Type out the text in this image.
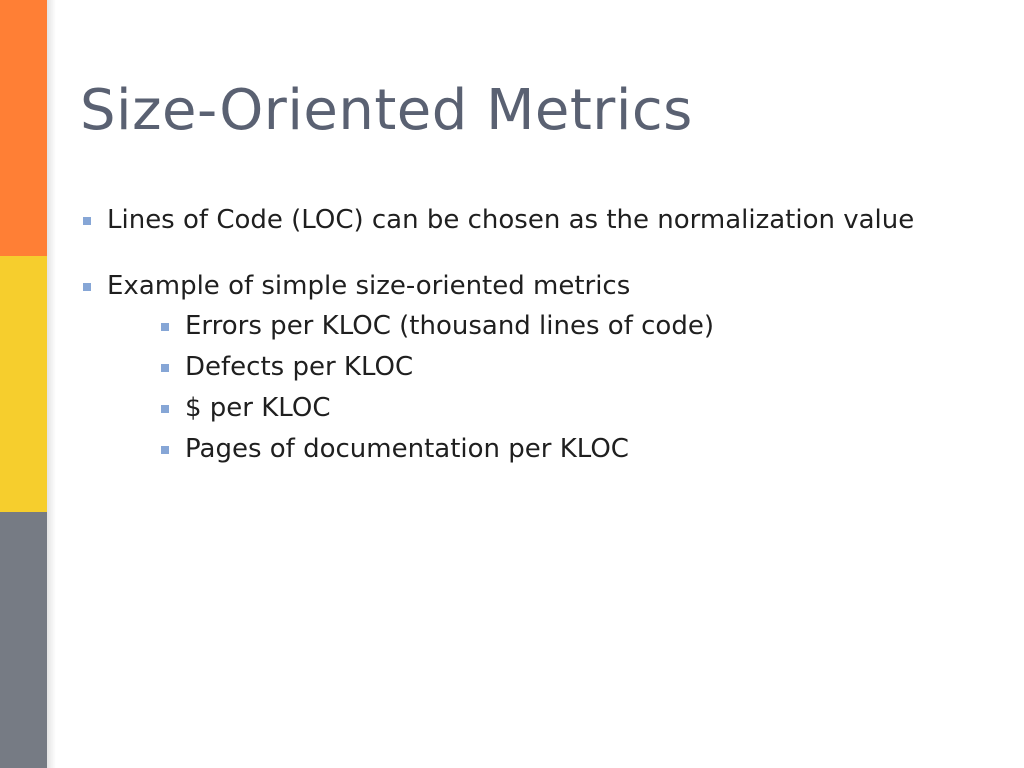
Size-Oriented Metrics
Lines of Code (LOC) can be chosen as the normalization value
Example of simple size-oriented metrics
Errors per KLOC (thousand lines of code)
Defects per KLOC
$ per KLOC
Pages of documentation per KLOC
